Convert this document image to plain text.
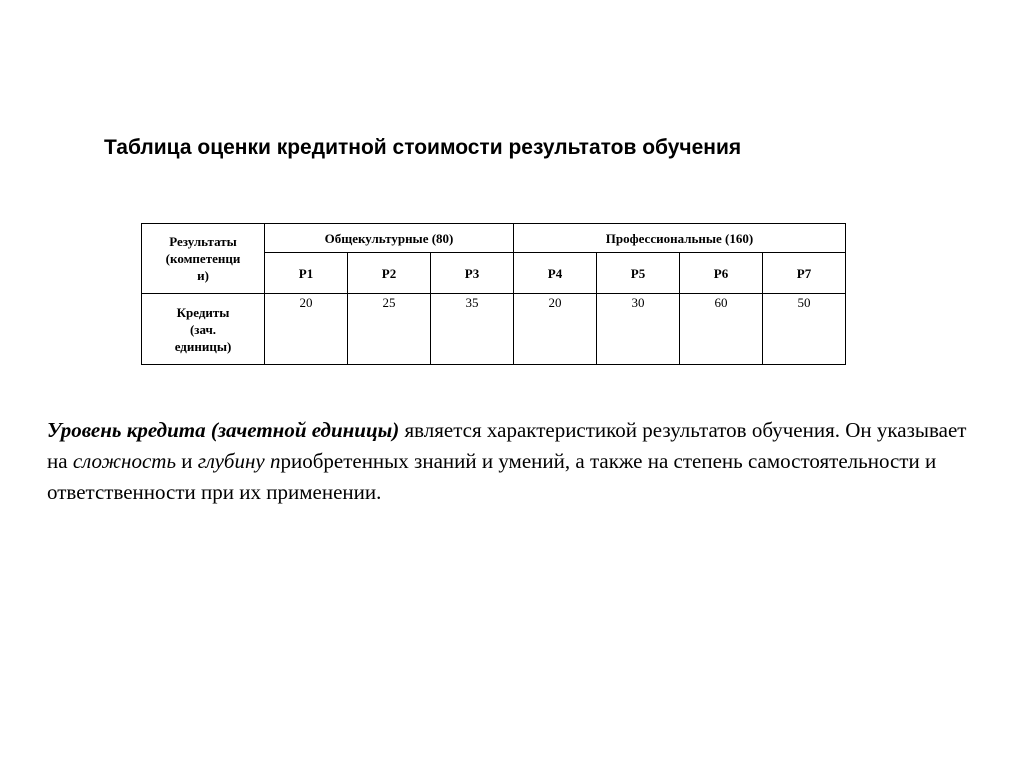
Таблица оценки кредитной стоимости результатов обучения
Результаты
(компетенци
и)	Общекультурные (80)			Профессиональные (160)			
	Р1	Р2	Р3	Р4	Р5	Р6	Р7

Кредиты
(зач.
единицы)	20	25	35	20	30	60	50

Уровень кредита (зачетной единицы) является характеристикой результатов обучения. Он указывает на сложность и глубину приобретенных знаний и умений, а также на степень самостоятельности и ответственности при их применении.
